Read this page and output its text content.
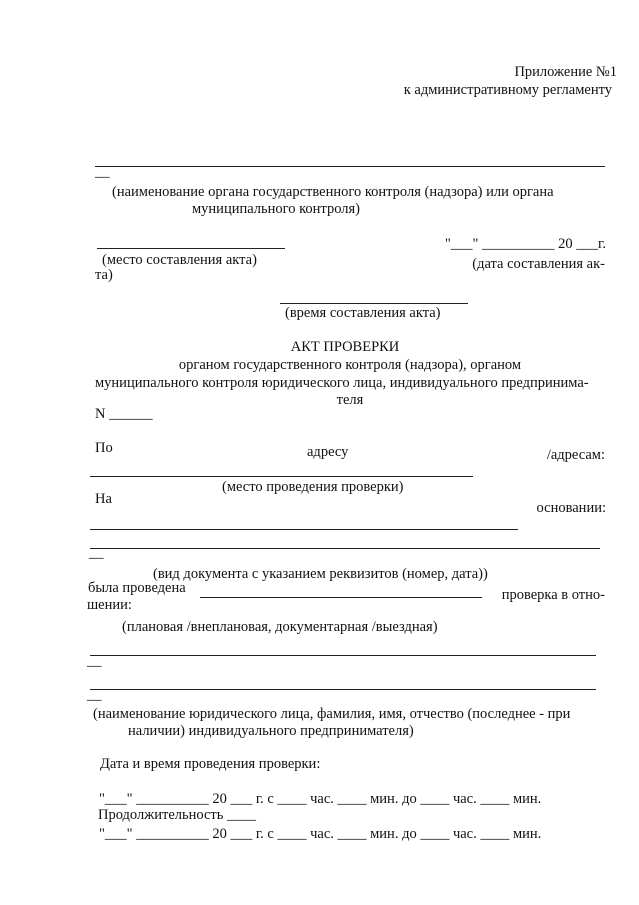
Приложение №1
к административному регламенту
__
(наименование органа государственного контроля (надзора) или органа
муниципального контроля)
"___" __________ 20 ___г.
(место составления акта)	(дата составления ак-
та)
(время составления акта)
АКТ ПРОВЕРКИ
органом государственного контроля (надзора), органом
муниципального контроля юридического лица, индивидуального предпринима-
теля
N ______
По	адресу	/адресам:
(место проведения проверки)
На
основании:
__
(вид документа с указанием реквизитов (номер, дата))
была проведена	проверка в отно-
шении:
(плановая /внеплановая, документарная /выездная)
__
__
(наименование юридического лица, фамилия, имя, отчество (последнее - при
наличии) индивидуального предпринимателя)
Дата и время проведения проверки:
"___" __________ 20 ___ г. с ____ час. ____ мин. до ____ час. ____ мин.
Продолжительность ____
"___" __________ 20 ___ г. с ____ час. ____ мин. до ____ час. ____ мин.
